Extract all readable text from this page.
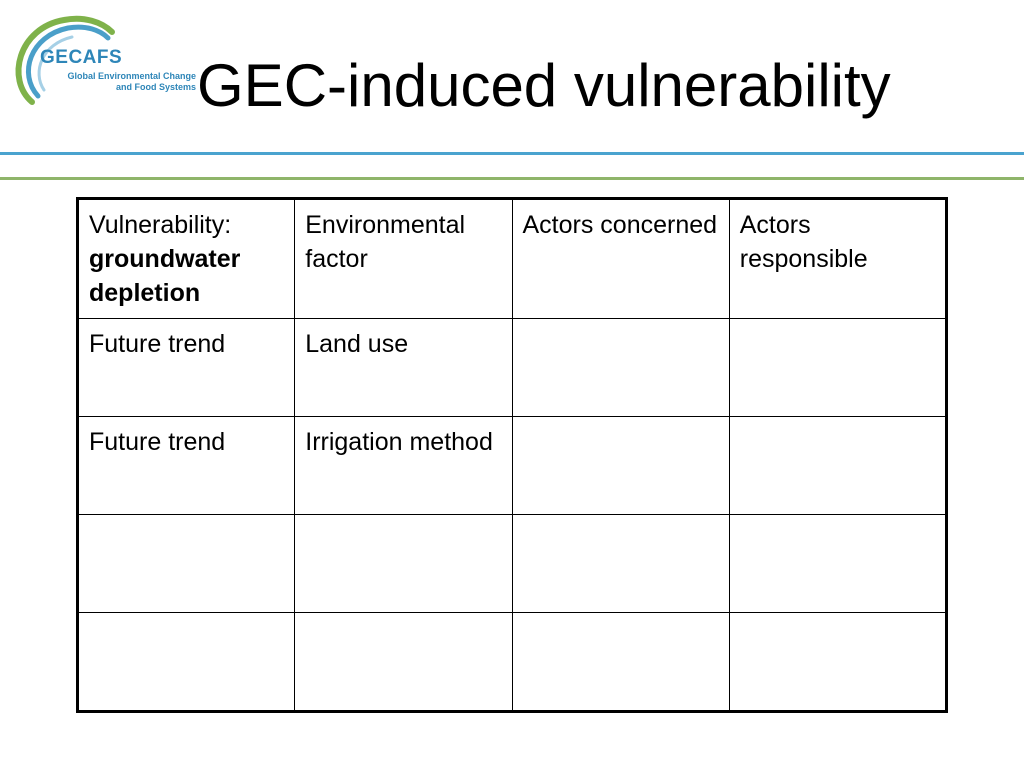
GECAFS
Global Environmental Change
and Food Systems GEC-induced vulnerability
Vulnerability:
groundwater depletion	Environmental factor	Actors concerned	Actors responsible
Future trend	Land use		
Future trend	Irrigation method		
